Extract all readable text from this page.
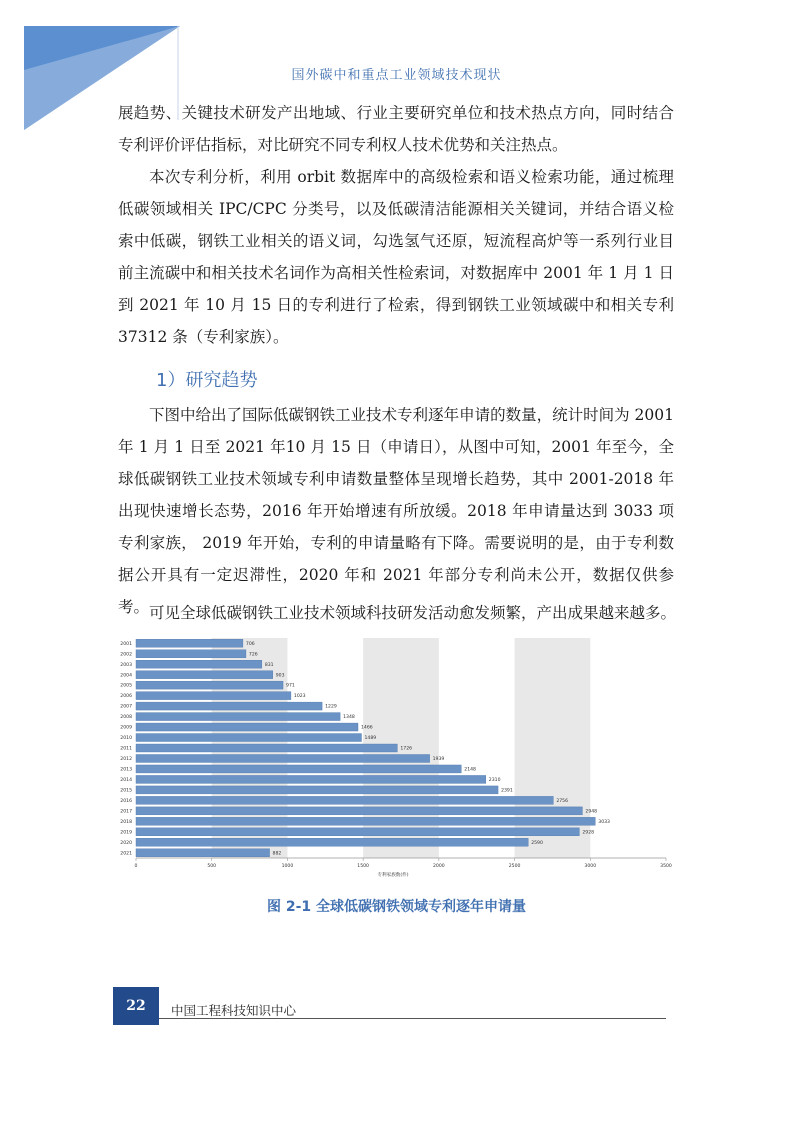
国外碳中和重点工业领域技术现状

展趋势、关键技术研发产出地域、行业主要研究单位和技术热点方向，同时结合专利评价评估指标，对比研究不同专利权人技术优势和关注热点。

本次专利分析，利用 orbit 数据库中的高级检索和语义检索功能，通过梳理低碳领域相关 IPC/CPC 分类号，以及低碳清洁能源相关关键词，并结合语义检索中低碳，钢铁工业相关的语义词，勾选氢气还原，短流程高炉等一系列行业目前主流碳中和相关技术名词作为高相关性检索词，对数据库中 2001 年 1 月 1 日到 2021 年 10 月 15 日的专利进行了检索，得到钢铁工业领域碳中和相关专利 37312 条（专利家族）。

1）研究趋势

下图中给出了国际低碳钢铁工业技术专利逐年申请的数量，统计时间为 2001 年 1 月 1 日至 2021 年10 月 15 日（申请日），从图中可知，2001 年至今，全球低碳钢铁工业技术领域专利申请数量整体呈现增长趋势，其中 2001-2018 年出现快速增长态势，2016 年开始增速有所放缓。2018 年申请量达到 3033 项专利家族， 2019 年开始，专利的申请量略有下降。需要说明的是，由于专利数据公开具有一定迟滞性，2020 年和 2021 年部分专利尚未公开，数据仅供参考。 可见全球低碳钢铁工业技术领域科技研发活动愈发频繁，产出成果越来越多。

2001	706
2002	726
2003	831
2004	903
2005	971
2006	1023
2007	1229
2008	1348
2009	1466
2010	1489
2011	1726
2012	1939
2013	2148
2014	2310
2015	2391
2016	2756
2017	2948
2018	3033
2019	2928
2020	2590
2021	882
0	500	1000	1500	2000	2500	3000	3500
专利家族数(件)
图 2-1 全球低碳钢铁领域专利逐年申请量
22	中国工程科技知识中心
